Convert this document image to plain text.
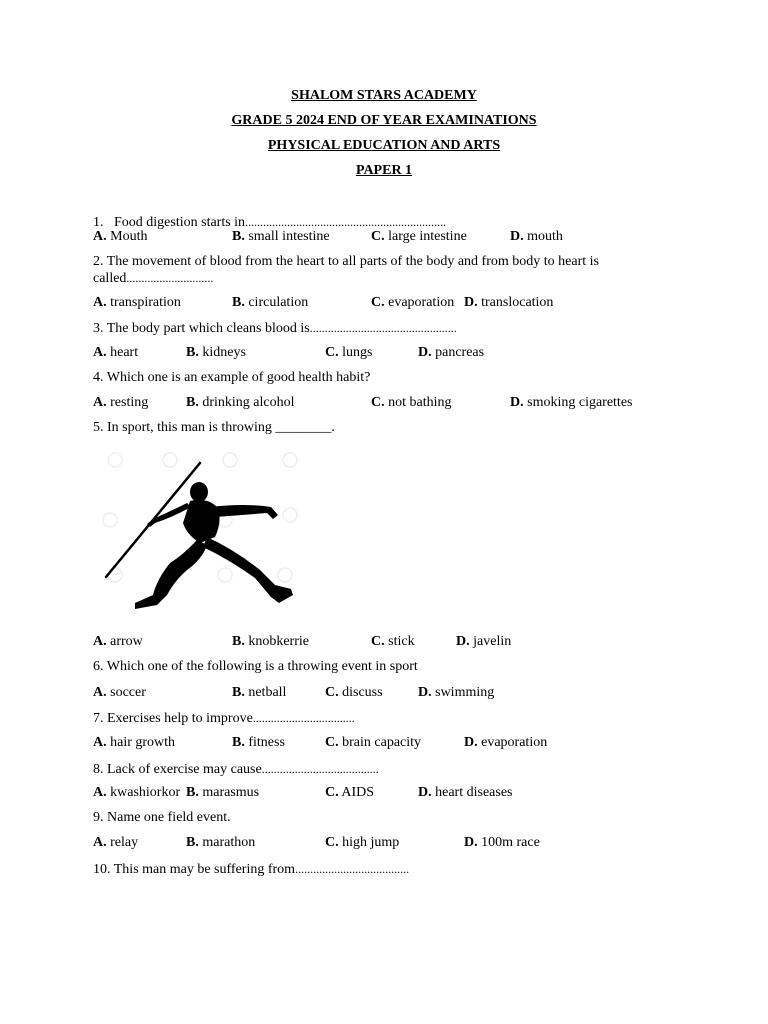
SHALOM STARS ACADEMY
GRADE 5 2024 END OF YEAR EXAMINATIONS
PHYSICAL EDUCATION AND ARTS
PAPER 1
1. Food digestion starts in...................................................................
A. Mouth	B. small intestine	C. large intestine	D. mouth
2. The movement of blood from the heart to all parts of the body and from body to heart is called.............................
A. transpiration	B. circulation	C. evaporation D. translocation
3. The body part which cleans blood is.................................................
A. heart	B. kidneys	C. lungs	D. pancreas
4. Which one is an example of good health habit?
A. resting	B. drinking alcohol	C. not bathing	D. smoking cigarettes
5. In sport, this man is throwing ________.
A. arrow	B. knobkerrie	C. stick	D. javelin
6. Which one of the following is a throwing event in sport
A. soccer	B. netball	C. discuss	D. swimming
7. Exercises help to improve..................................
A. hair growth	B. fitness	C. brain capacity	D. evaporation
8. Lack of exercise may cause.......................................
A. kwashiorkor B. marasmus	C. AIDS	D. heart diseases
9. Name one field event.
A. relay	B. marathon	C. high jump	D. 100m race
10. This man may be suffering from......................................
